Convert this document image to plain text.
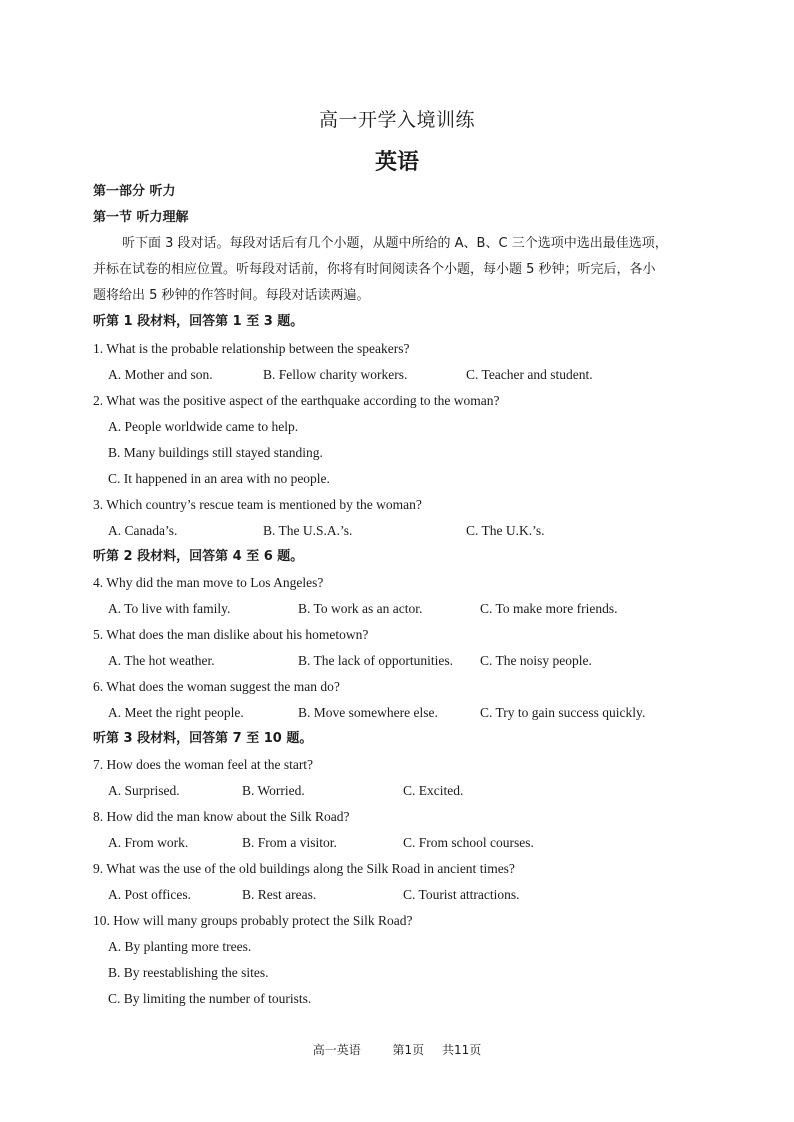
高一开学入境训练
英语
第一部分 听力
第一节 听力理解
听下面 3 段对话。每段对话后有几个小题，从题中所给的 A、B、C 三个选项中选出最佳选项，
并标在试卷的相应位置。听每段对话前，你将有时间阅读各个小题，每小题 5 秒钟；听完后，各小
题将给出 5 秒钟的作答时间。每段对话读两遍。
听第 1 段材料，回答第 1 至 3 题。
1. What is the probable relationship between the speakers?
A. Mother and son.	B. Fellow charity workers.	C. Teacher and student.
2. What was the positive aspect of the earthquake according to the woman?
A. People worldwide came to help.
B. Many buildings still stayed standing.
C. It happened in an area with no people.
3. Which country’s rescue team is mentioned by the woman?
A. Canada’s.	B. The U.S.A.’s.	C. The U.K.’s.
听第 2 段材料，回答第 4 至 6 题。
4. Why did the man move to Los Angeles?
A. To live with family.	B. To work as an actor.	C. To make more friends.
5. What does the man dislike about his hometown?
A. The hot weather.	B. The lack of opportunities. C. The noisy people.
6. What does the woman suggest the man do?
A. Meet the right people.	B. Move somewhere else.	C. Try to gain success quickly.
听第 3 段材料，回答第 7 至 10 题。
7. How does the woman feel at the start?
A. Surprised.	B. Worried.	C. Excited.
8. How did the man know about the Silk Road?
A. From work.	B. From a visitor.	C. From school courses.
9. What was the use of the old buildings along the Silk Road in ancient times?
A. Post offices.	B. Rest areas.	C. Tourist attractions.
10. How will many groups probably protect the Silk Road?
A. By planting more trees.
B. By reestablishing the sites.
C. By limiting the number of tourists.
高一英语	第1页 共11页
